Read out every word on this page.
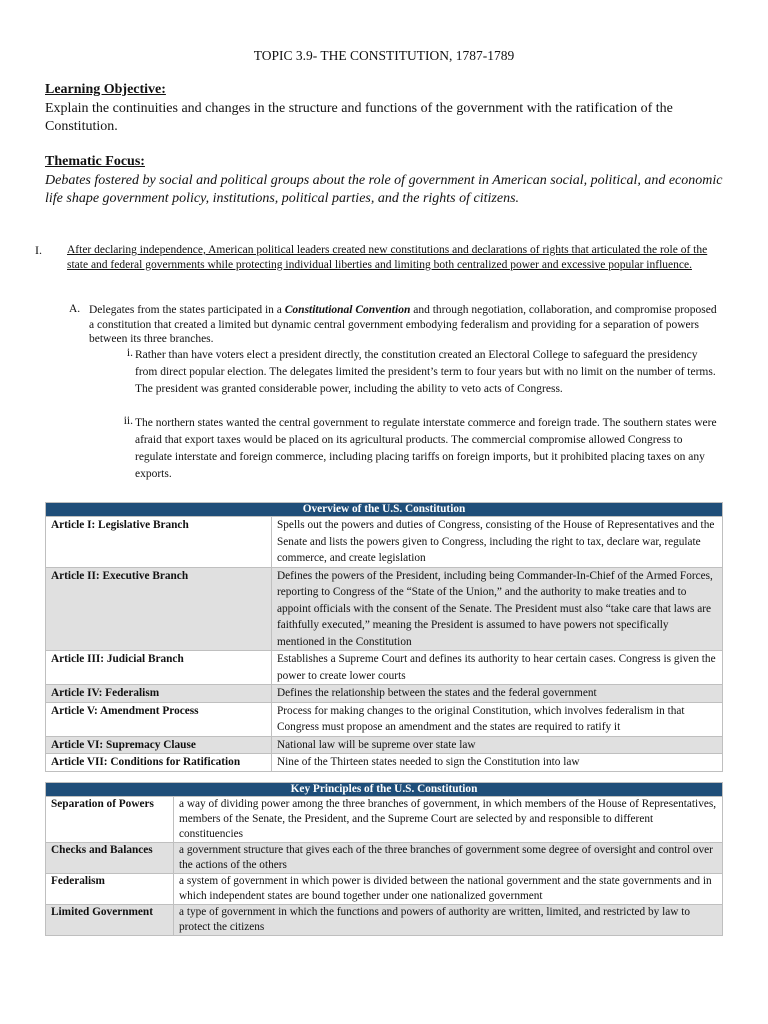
TOPIC 3.9- THE CONSTITUTION, 1787-1789
Learning Objective:
Explain the continuities and changes in the structure and functions of the government with the ratification of the Constitution.
Thematic Focus:
Debates fostered by social and political groups about the role of government in American social, political, and economic life shape government policy, institutions, political parties, and the rights of citizens.
I. After declaring independence, American political leaders created new constitutions and declarations of rights that articulated the role of the state and federal governments while protecting individual liberties and limiting both centralized power and excessive popular influence.
A. Delegates from the states participated in a Constitutional Convention and through negotiation, collaboration, and compromise proposed a constitution that created a limited but dynamic central government embodying federalism and providing for a separation of powers between its three branches.
i. Rather than have voters elect a president directly, the constitution created an Electoral College to safeguard the presidency from direct popular election. The delegates limited the president’s term to four years but with no limit on the number of terms. The president was granted considerable power, including the ability to veto acts of Congress.
ii. The northern states wanted the central government to regulate interstate commerce and foreign trade. The southern states were afraid that export taxes would be placed on its agricultural products. The commercial compromise allowed Congress to regulate interstate and foreign commerce, including placing tariffs on foreign imports, but it prohibited placing taxes on any exports.
Overview of the U.S. Constitution	
Article I: Legislative Branch	Spells out the powers and duties of Congress, consisting of the House of Representatives and the Senate and lists the powers given to Congress, including the right to tax, declare war, regulate commerce, and create legislation
Article II: Executive Branch	Defines the powers of the President, including being Commander-In-Chief of the Armed Forces, reporting to Congress of the “State of the Union,” and the authority to make treaties and to appoint officials with the consent of the Senate. The President must also “take care that laws are faithfully executed,” meaning the President is assumed to have powers not specifically mentioned in the Constitution
Article III: Judicial Branch	Establishes a Supreme Court and defines its authority to hear certain cases. Congress is given the power to create lower courts
Article IV: Federalism	Defines the relationship between the states and the federal government
Article V: Amendment Process	Process for making changes to the original Constitution, which involves federalism in that Congress must propose an amendment and the states are required to ratify it
Article VI: Supremacy Clause	National law will be supreme over state law
Article VII: Conditions for Ratification	Nine of the Thirteen states needed to sign the Constitution into law
Key Principles of the U.S. Constitution	
Separation of Powers	a way of dividing power among the three branches of government, in which members of the House of Representatives, members of the Senate, the President, and the Supreme Court are selected by and responsible to different constituencies
Checks and Balances	a government structure that gives each of the three branches of government some degree of oversight and control over the actions of the others
Federalism	a system of government in which power is divided between the national government and the state governments and in which independent states are bound together under one nationalized government
Limited Government	a type of government in which the functions and powers of authority are written, limited, and restricted by law to protect the citizens
